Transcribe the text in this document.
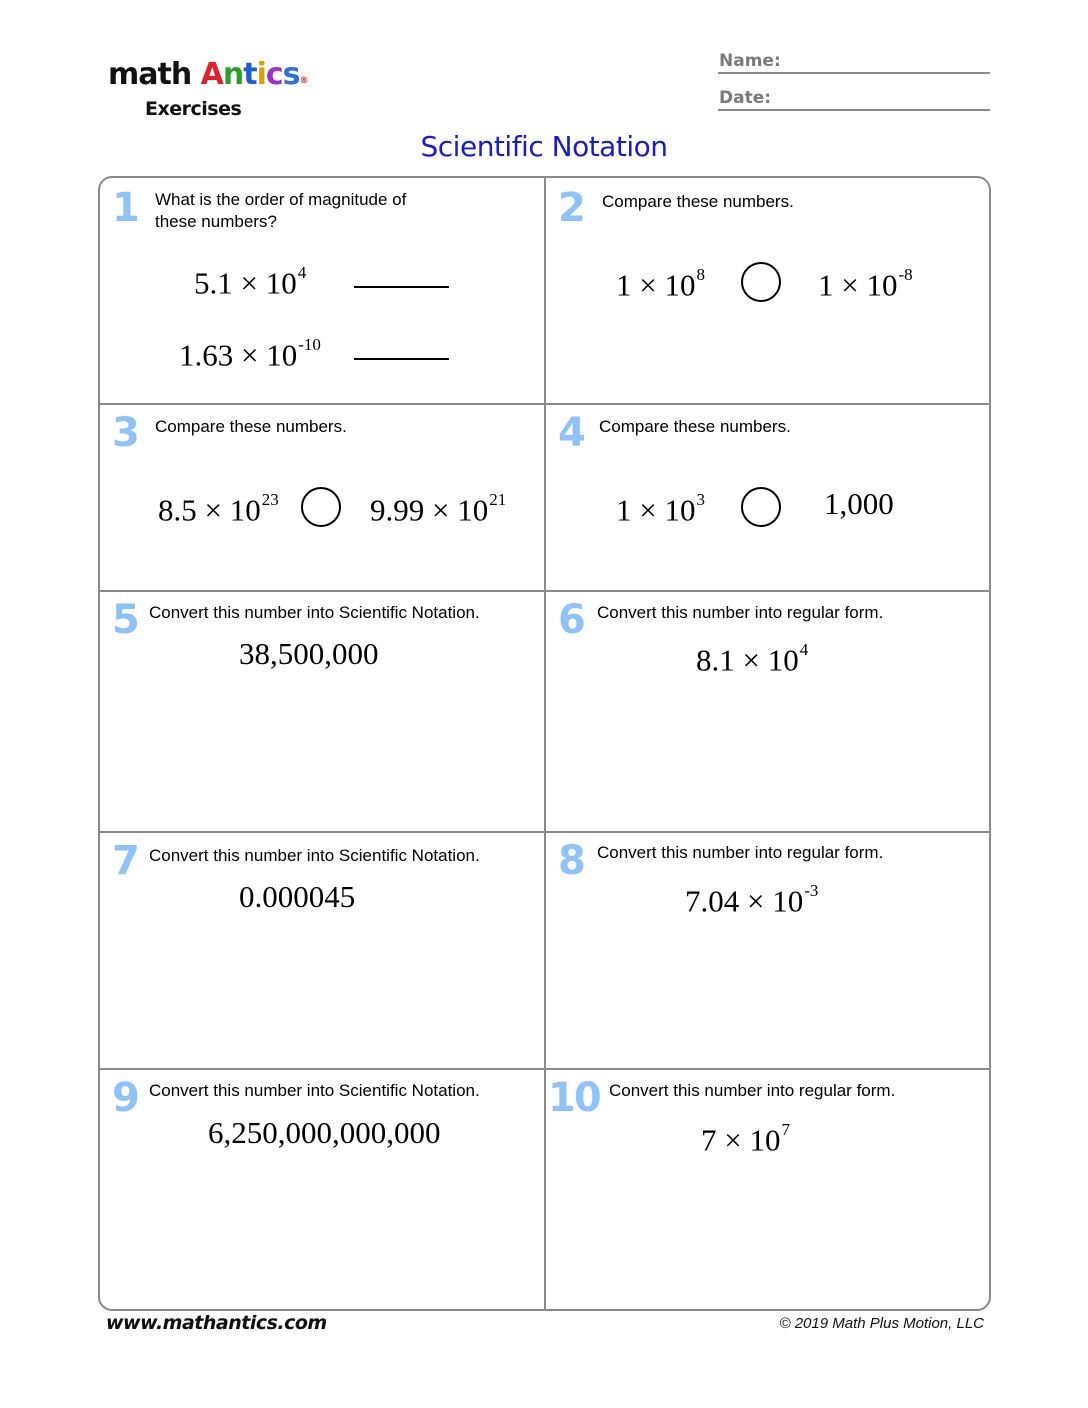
math Antics®
Exercises
Name:
Date:
Scientific Notation
1 What is the order of magnitude of
these numbers?
$5.1 \times 10^4$
$1.63 \times 10^{-10}$
2 Compare these numbers.
$1 \times 10^8$	$1 \times 10^{-8}$
3 Compare these numbers.
$8.5 \times 10^{23}$	$9.99 \times 10^{21}$
4 Compare these numbers.
$1 \times 10^3$	1,000
5 Convert this number into Scientific Notation.
38,500,000
6 Convert this number into regular form.
$8.1 \times 10^4$
7 Convert this number into Scientific Notation.
0.000045
8 Convert this number into regular form.
$7.04 \times 10^{-3}$
9 Convert this number into Scientific Notation.
6,250,000,000,000
10 Convert this number into regular form.
$7 \times 10^7$
www.mathantics.com	© 2019 Math Plus Motion, LLC
